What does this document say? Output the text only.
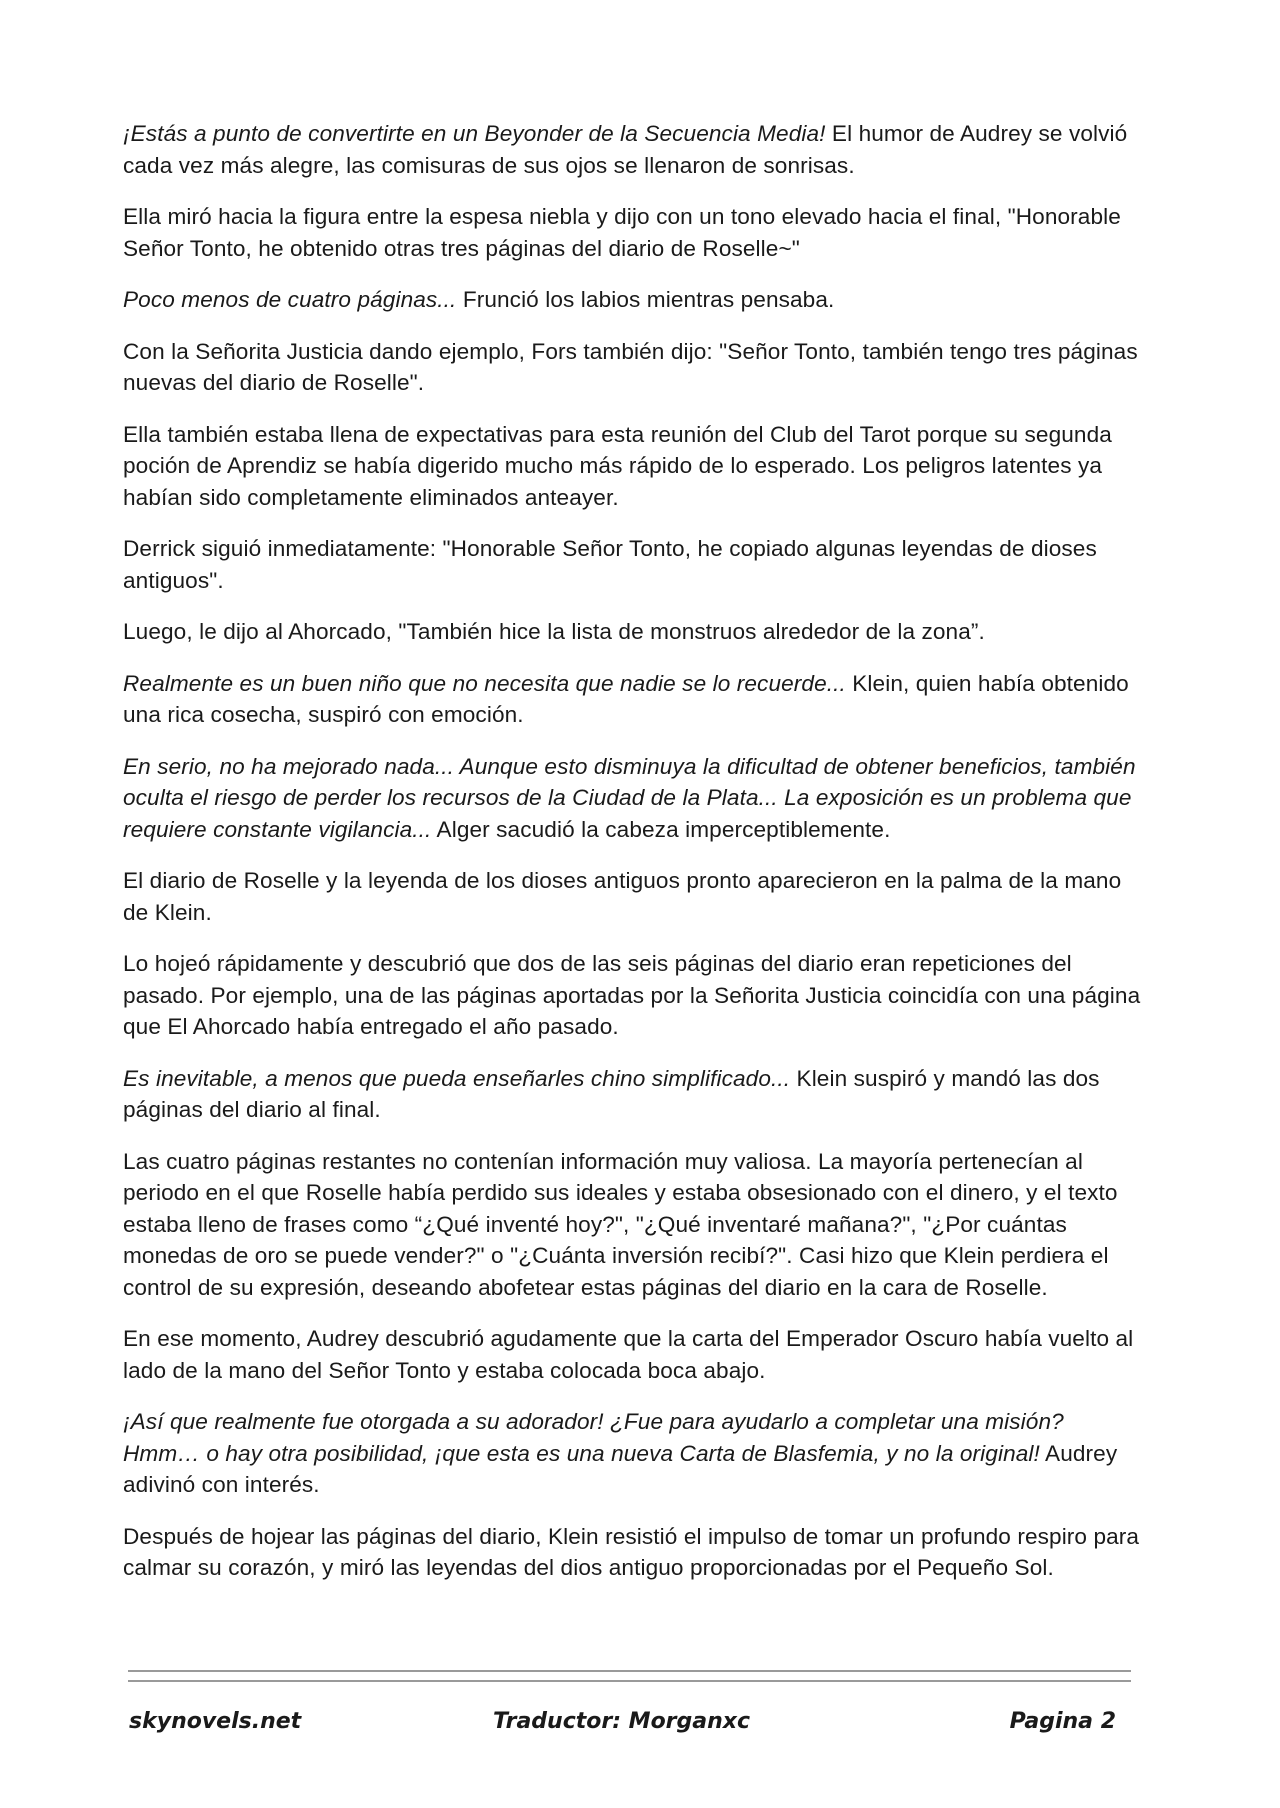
¡Estás a punto de convertirte en un Beyonder de la Secuencia Media! El humor de Audrey se volvió cada vez más alegre, las comisuras de sus ojos se llenaron de sonrisas.

Ella miró hacia la figura entre la espesa niebla y dijo con un tono elevado hacia el final, "Honorable Señor Tonto, he obtenido otras tres páginas del diario de Roselle~"

Poco menos de cuatro páginas... Frunció los labios mientras pensaba.

Con la Señorita Justicia dando ejemplo, Fors también dijo: "Señor Tonto, también tengo tres páginas nuevas del diario de Roselle".

Ella también estaba llena de expectativas para esta reunión del Club del Tarot porque su segunda poción de Aprendiz se había digerido mucho más rápido de lo esperado. Los peligros latentes ya habían sido completamente eliminados anteayer.

Derrick siguió inmediatamente: "Honorable Señor Tonto, he copiado algunas leyendas de dioses antiguos".

Luego, le dijo al Ahorcado, "También hice la lista de monstruos alrededor de la zona”.

Realmente es un buen niño que no necesita que nadie se lo recuerde... Klein, quien había obtenido una rica cosecha, suspiró con emoción.

En serio, no ha mejorado nada... Aunque esto disminuya la dificultad de obtener beneficios, también oculta el riesgo de perder los recursos de la Ciudad de la Plata... La exposición es un problema que requiere constante vigilancia... Alger sacudió la cabeza imperceptiblemente.

El diario de Roselle y la leyenda de los dioses antiguos pronto aparecieron en la palma de la mano de Klein.

Lo hojeó rápidamente y descubrió que dos de las seis páginas del diario eran repeticiones del pasado. Por ejemplo, una de las páginas aportadas por la Señorita Justicia coincidía con una página que El Ahorcado había entregado el año pasado.

Es inevitable, a menos que pueda enseñarles chino simplificado... Klein suspiró y mandó las dos páginas del diario al final.

Las cuatro páginas restantes no contenían información muy valiosa. La mayoría pertenecían al periodo en el que Roselle había perdido sus ideales y estaba obsesionado con el dinero, y el texto estaba lleno de frases como “¿Qué inventé hoy?", "¿Qué inventaré mañana?", "¿Por cuántas monedas de oro se puede vender?" o "¿Cuánta inversión recibí?". Casi hizo que Klein perdiera el control de su expresión, deseando abofetear estas páginas del diario en la cara de Roselle.

En ese momento, Audrey descubrió agudamente que la carta del Emperador Oscuro había vuelto al lado de la mano del Señor Tonto y estaba colocada boca abajo.

¡Así que realmente fue otorgada a su adorador! ¿Fue para ayudarlo a completar una misión? Hmm… o hay otra posibilidad, ¡que esta es una nueva Carta de Blasfemia, y no la original! Audrey adivinó con interés.

Después de hojear las páginas del diario, Klein resistió el impulso de tomar un profundo respiro para calmar su corazón, y miró las leyendas del dios antiguo proporcionadas por el Pequeño Sol.

skynovels.net	Traductor: Morganxc	Pagina 2
